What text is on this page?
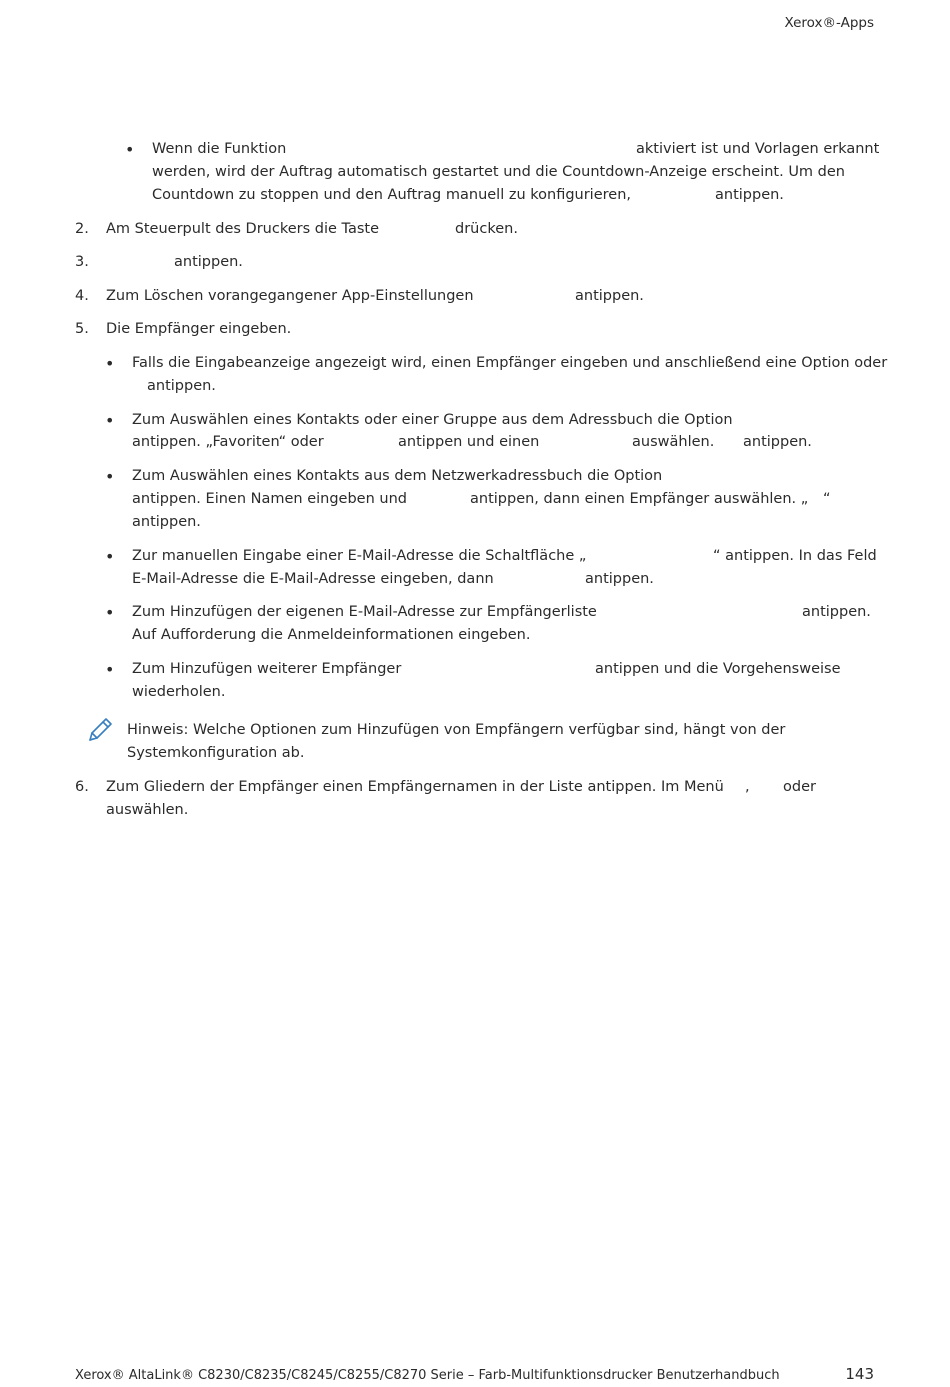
Xerox®-Apps
•
•
•
•
•
•
•
Wenn die Funktion	aktiviert ist und Vorlagen erkannt
werden, wird der Auftrag automatisch gestartet und die Countdown-Anzeige erscheint. Um den
Countdown zu stoppen und den Auftrag manuell zu konfigurieren,	antippen.
2. Am Steuerpult des Druckers die Taste	drücken.
3.	antippen.
4. Zum Löschen vorangegangener App-Einstellungen	antippen.
5. Die Empfänger eingeben.
Falls die Eingabeanzeige angezeigt wird, einen Empfänger eingeben und anschließend eine Option oder
antippen.
Zum Auswählen eines Kontakts oder einer Gruppe aus dem Adressbuch die Option
antippen. „Favoriten“ oder	antippen und einen	auswählen. antippen.
Zum Auswählen eines Kontakts aus dem Netzwerkadressbuch die Option
antippen. Einen Namen eingeben und	antippen, dann einen Empfänger auswählen. „ “
antippen.
Zur manuellen Eingabe einer E-Mail-Adresse die Schaltfläche „	“ antippen. In das Feld
E-Mail-Adresse die E-Mail-Adresse eingeben, dann	antippen.
Zum Hinzufügen der eigenen E-Mail-Adresse zur Empfängerliste	antippen.
Auf Aufforderung die Anmeldeinformationen eingeben.
Zum Hinzufügen weiterer Empfänger	antippen und die Vorgehensweise
wiederholen.
Hinweis: Welche Optionen zum Hinzufügen von Empfängern verfügbar sind, hängt von der
Systemkonfiguration ab.
6. Zum Gliedern der Empfänger einen Empfängernamen in der Liste antippen. Im Menü , oder
auswählen.
Xerox® AltaLink® C8230/C8235/C8245/C8255/C8270 Serie – Farb-Multifunktionsdrucker Benutzerhandbuch	143
